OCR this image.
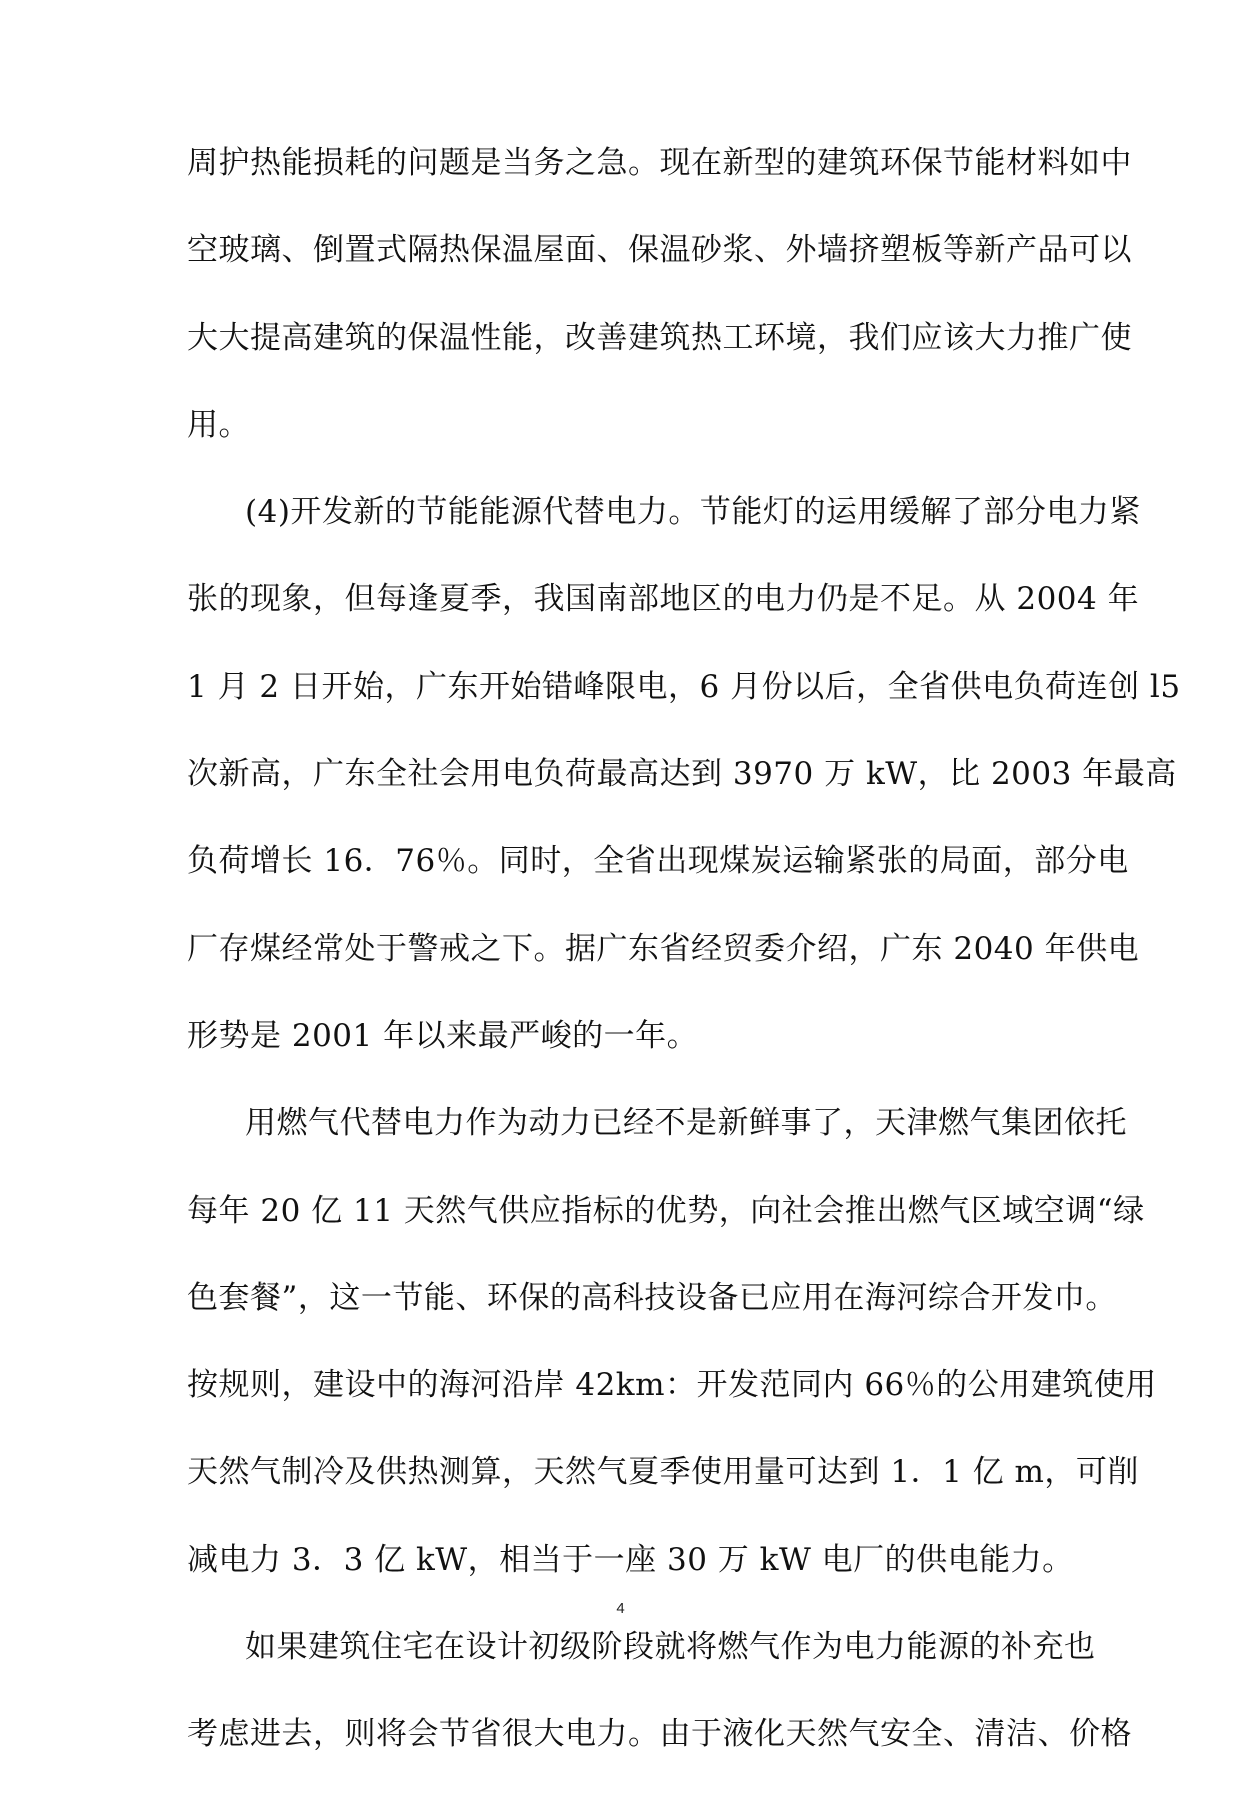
周护热能损耗的问题是当务之急。现在新型的建筑环保节能材料如中
空玻璃、倒置式隔热保温屋面、保温砂浆、外墙挤塑板等新产品可以
大大提高建筑的保温性能，改善建筑热工环境，我们应该大力推广使
用。
(4)开发新的节能能源代替电力。节能灯的运用缓解了部分电力紧
张的现象，但每逢夏季，我国南部地区的电力仍是不足。从 2004 年
1 月 2 日开始，广东开始错峰限电，6 月份以后，全省供电负荷连创 l5
次新高，广东全社会用电负荷最高达到 3970 万 kW，比 2003 年最高
负荷增长 16．76％。同时，全省出现煤炭运输紧张的局面，部分电
厂存煤经常处于警戒之下。据广东省经贸委介绍，广东 2040 年供电
形势是 2001 年以来最严峻的一年。
用燃气代替电力作为动力已经不是新鲜事了，天津燃气集团依托
每年 20 亿 11 天然气供应指标的优势，向社会推出燃气区域空调“绿
色套餐”，这一节能、环保的高科技设备已应用在海河综合开发巾。
按规则，建设中的海河沿岸 42km：开发范同内 66％的公用建筑使用
天然气制冷及供热测算，天然气夏季使用量可达到 1．1 亿 m，可削
减电力 3．3 亿 kW，相当于一座 30 万 kW 电厂的供电能力。
如果建筑住宅在设计初级阶段就将燃气作为电力能源的补充也
考虑进去，则将会节省很大电力。由于液化天然气安全、清洁、价格
4
